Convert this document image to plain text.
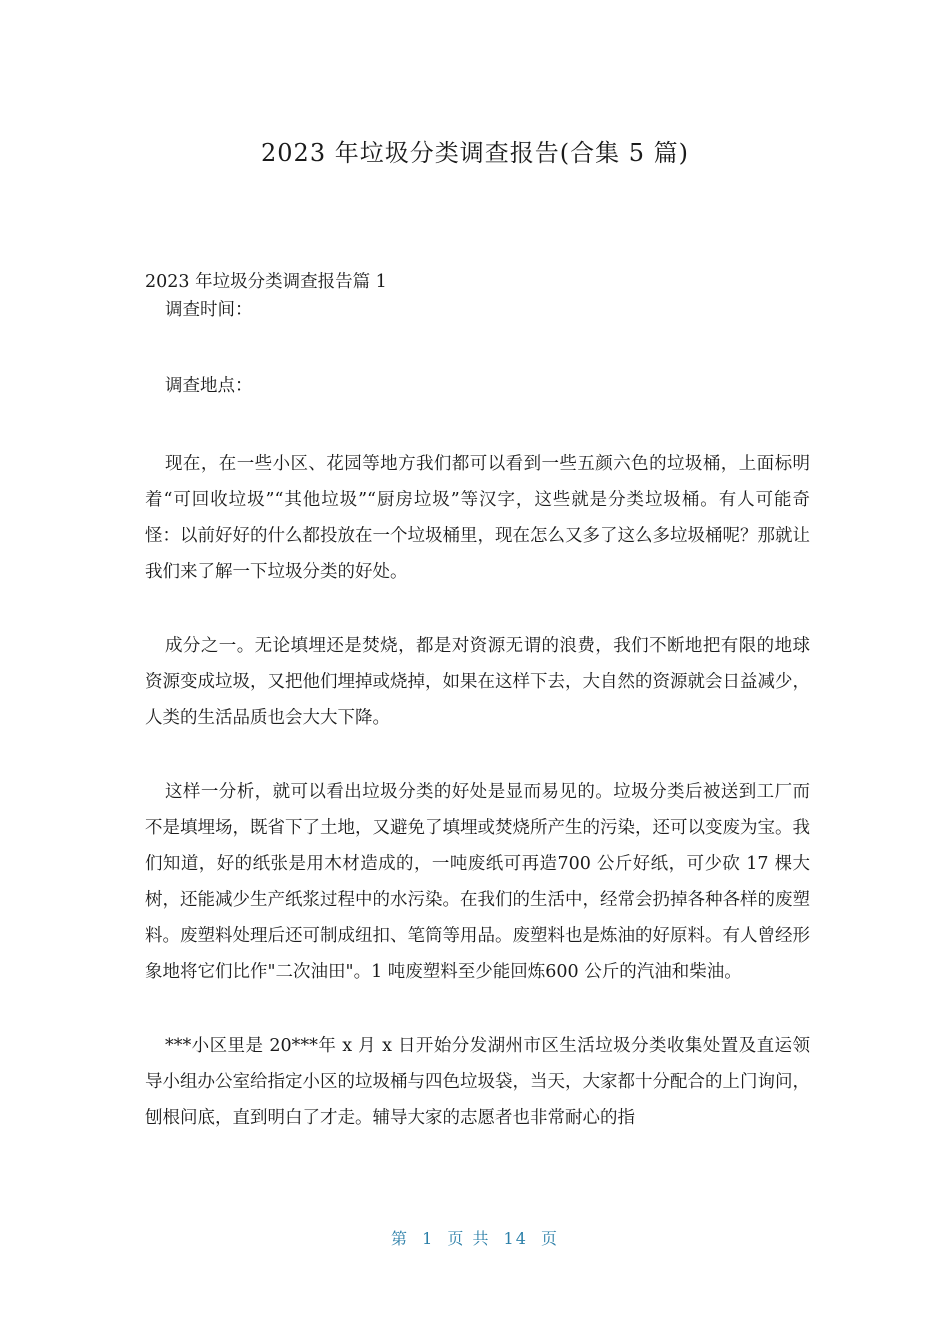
2023 年垃圾分类调查报告(合集 5 篇)
2023 年垃圾分类调查报告篇 1

调查时间：

调查地点：

现在，在一些小区、花园等地方我们都可以看到一些五颜六色的垃圾桶，上面标明着“可回收垃圾”“其他垃圾”“厨房垃圾”等汉字，这些就是分类垃圾桶。有人可能奇怪：以前好好的什么都投放在一个垃圾桶里，现在怎么又多了这么多垃圾桶呢？那就让我们来了解一下垃圾分类的好处。

成分之一。无论填埋还是焚烧，都是对资源无谓的浪费，我们不断地把有限的地球资源变成垃圾，又把他们埋掉或烧掉，如果在这样下去，大自然的资源就会日益减少，人类的生活品质也会大大下降。

这样一分析，就可以看出垃圾分类的好处是显而易见的。垃圾分类后被送到工厂而不是填埋场，既省下了土地，又避免了填埋或焚烧所产生的污染，还可以变废为宝。我们知道，好的纸张是用木材造成的，一吨废纸可再造700 公斤好纸，可少砍 17 棵大树，还能减少生产纸浆过程中的水污染。在我们的生活中，经常会扔掉各种各样的废塑料。废塑料处理后还可制成纽扣、笔筒等用品。废塑料也是炼油的好原料。有人曾经形象地将它们比作"二次油田"。1 吨废塑料至少能回炼600 公斤的汽油和柴油。

***小区里是 20***年 x 月 x 日开始分发湖州市区生活垃圾分类收集处置及直运领导小组办公室给指定小区的垃圾桶与四色垃圾袋，当天，大家都十分配合的上门询问，刨根问底，直到明白了才走。辅导大家的志愿者也非常耐心的指

第 1 页 共 14 页
